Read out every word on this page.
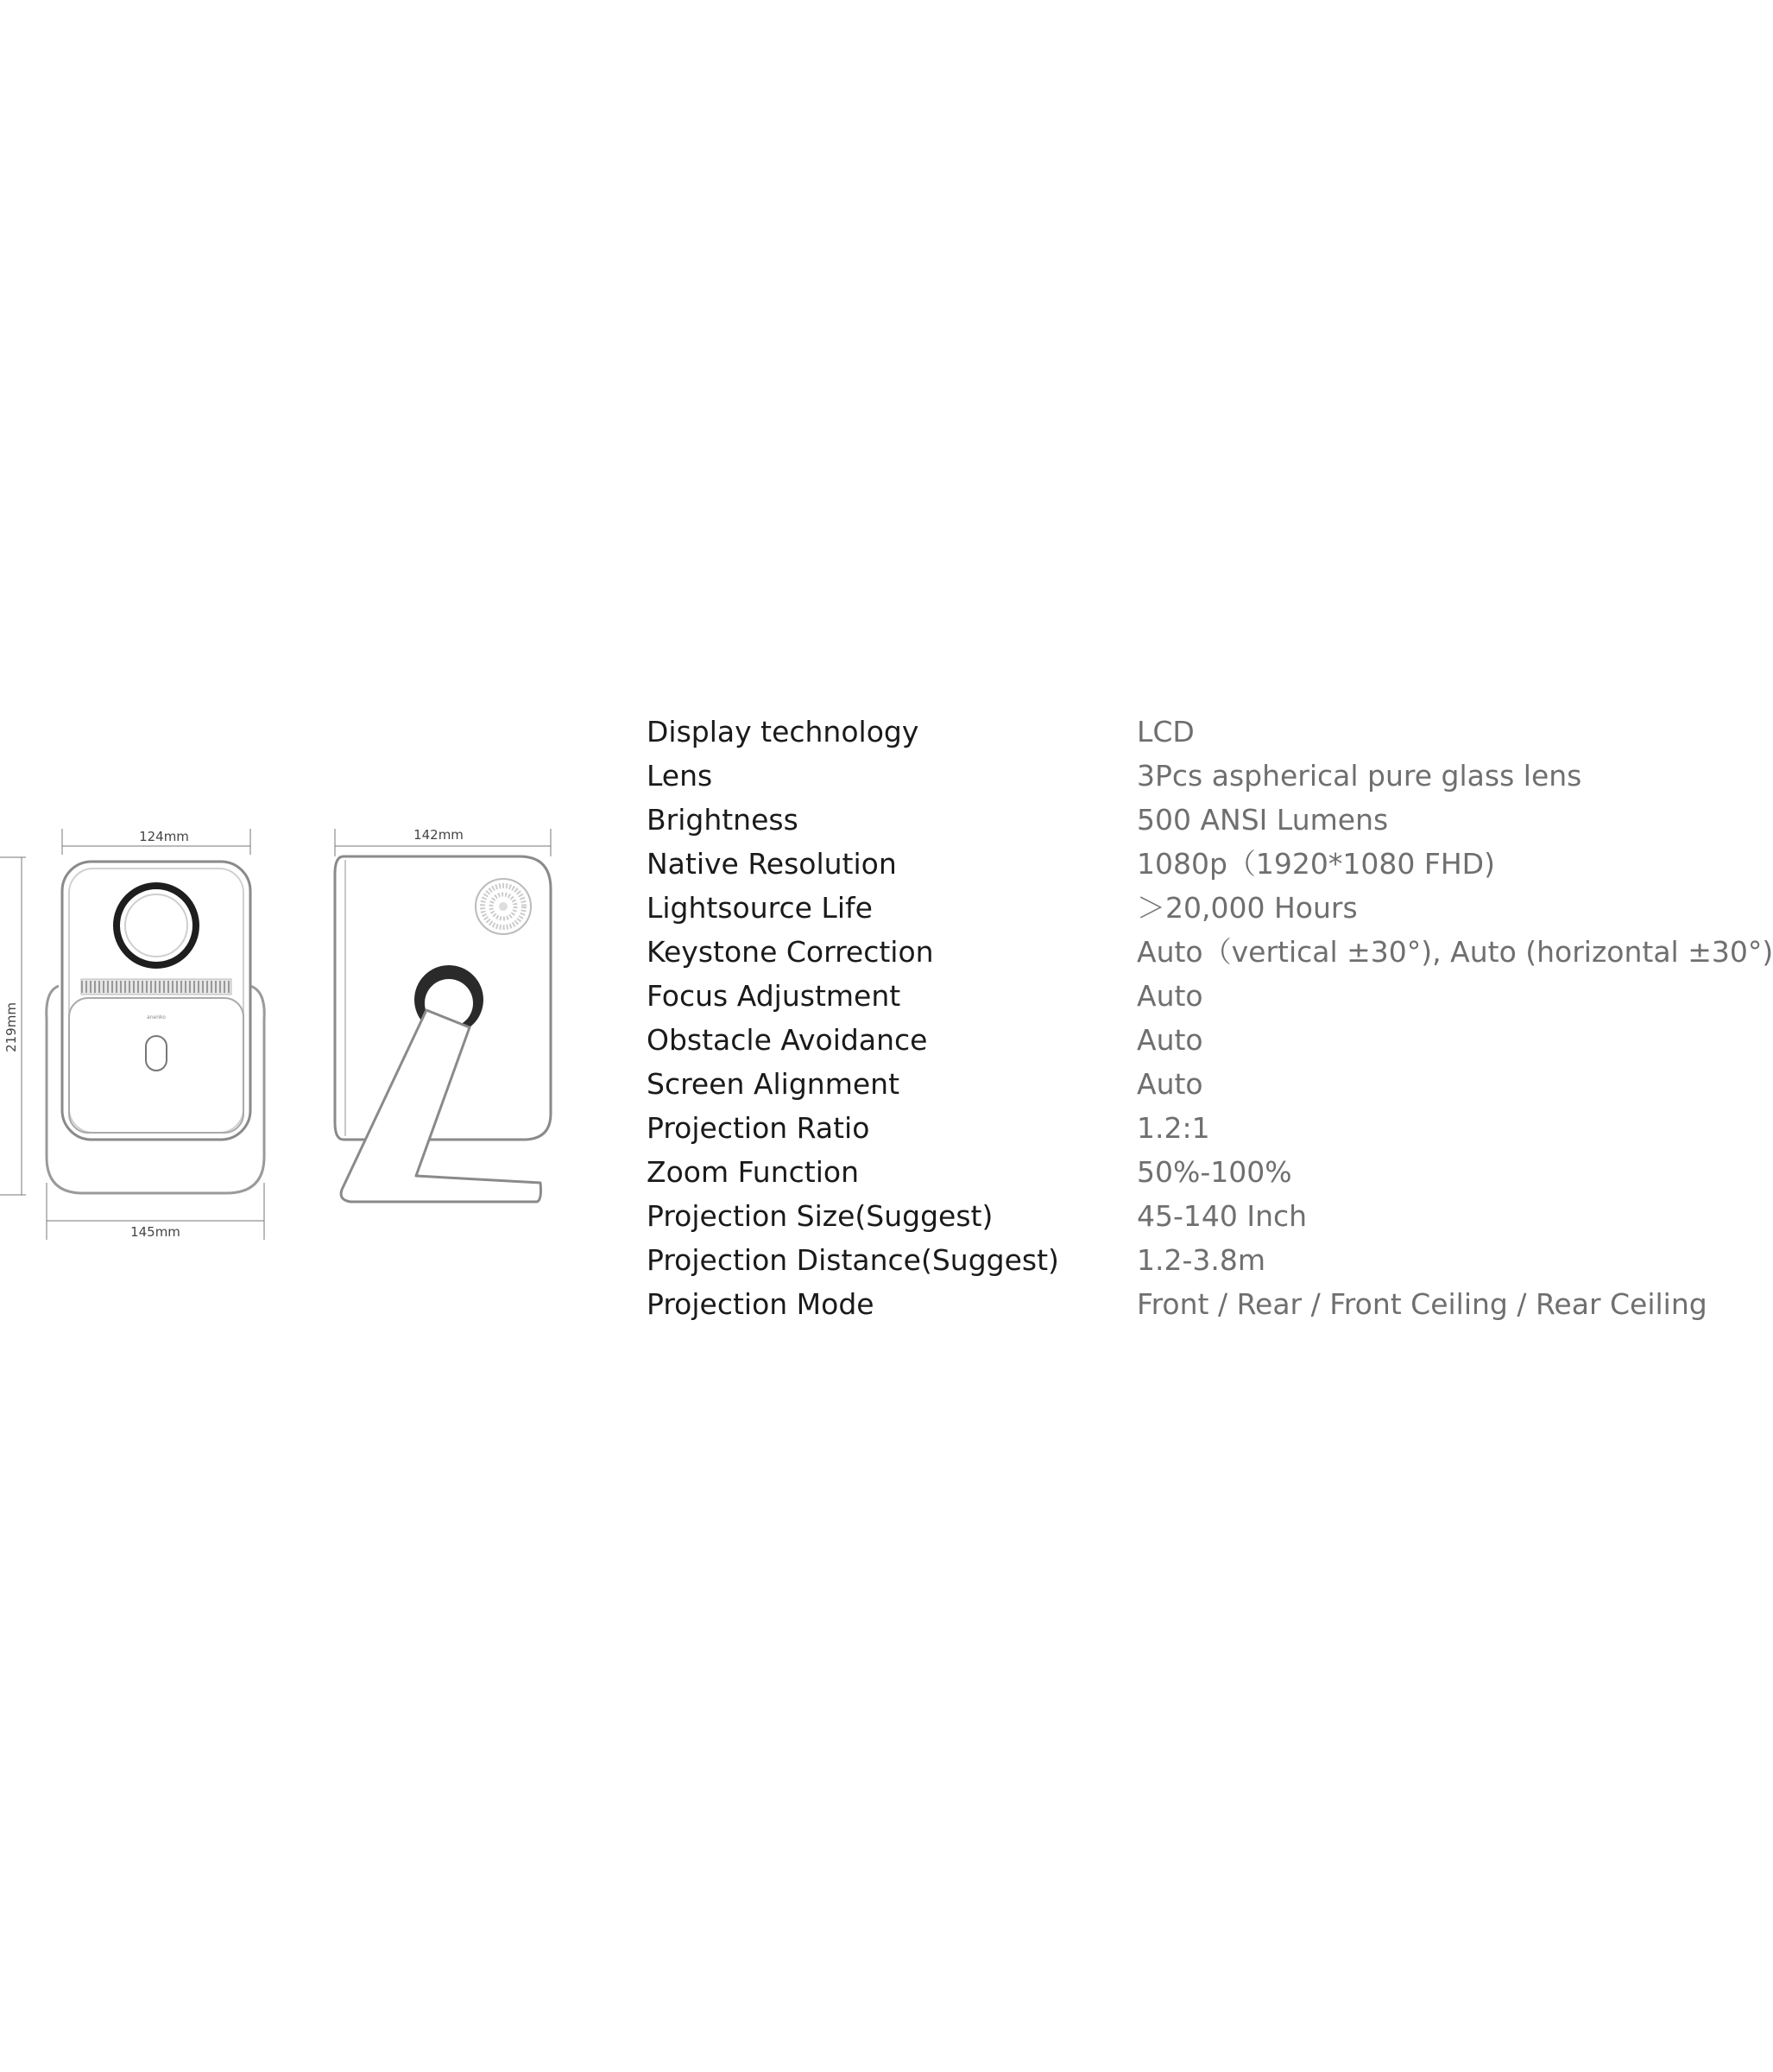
124mm
219mm	anenko
145mm
142mm
Display technology	LCD
Lens	3Pcs aspherical pure glass lens
Brightness	500 ANSI Lumens
Native Resolution	1080p（1920*1080 FHD)
Lightsource Life	＞20,000 Hours
Keystone Correction	Auto（vertical ±30°), Auto (horizontal ±30°)
Focus Adjustment	Auto
Obstacle Avoidance	Auto
Screen Alignment	Auto
Projection Ratio	1.2:1
Zoom Function	50%-100%
Projection Size(Suggest)	45-140 Inch
Projection Distance(Suggest)	1.2-3.8m
Projection Mode	Front / Rear / Front Ceiling / Rear Ceiling
